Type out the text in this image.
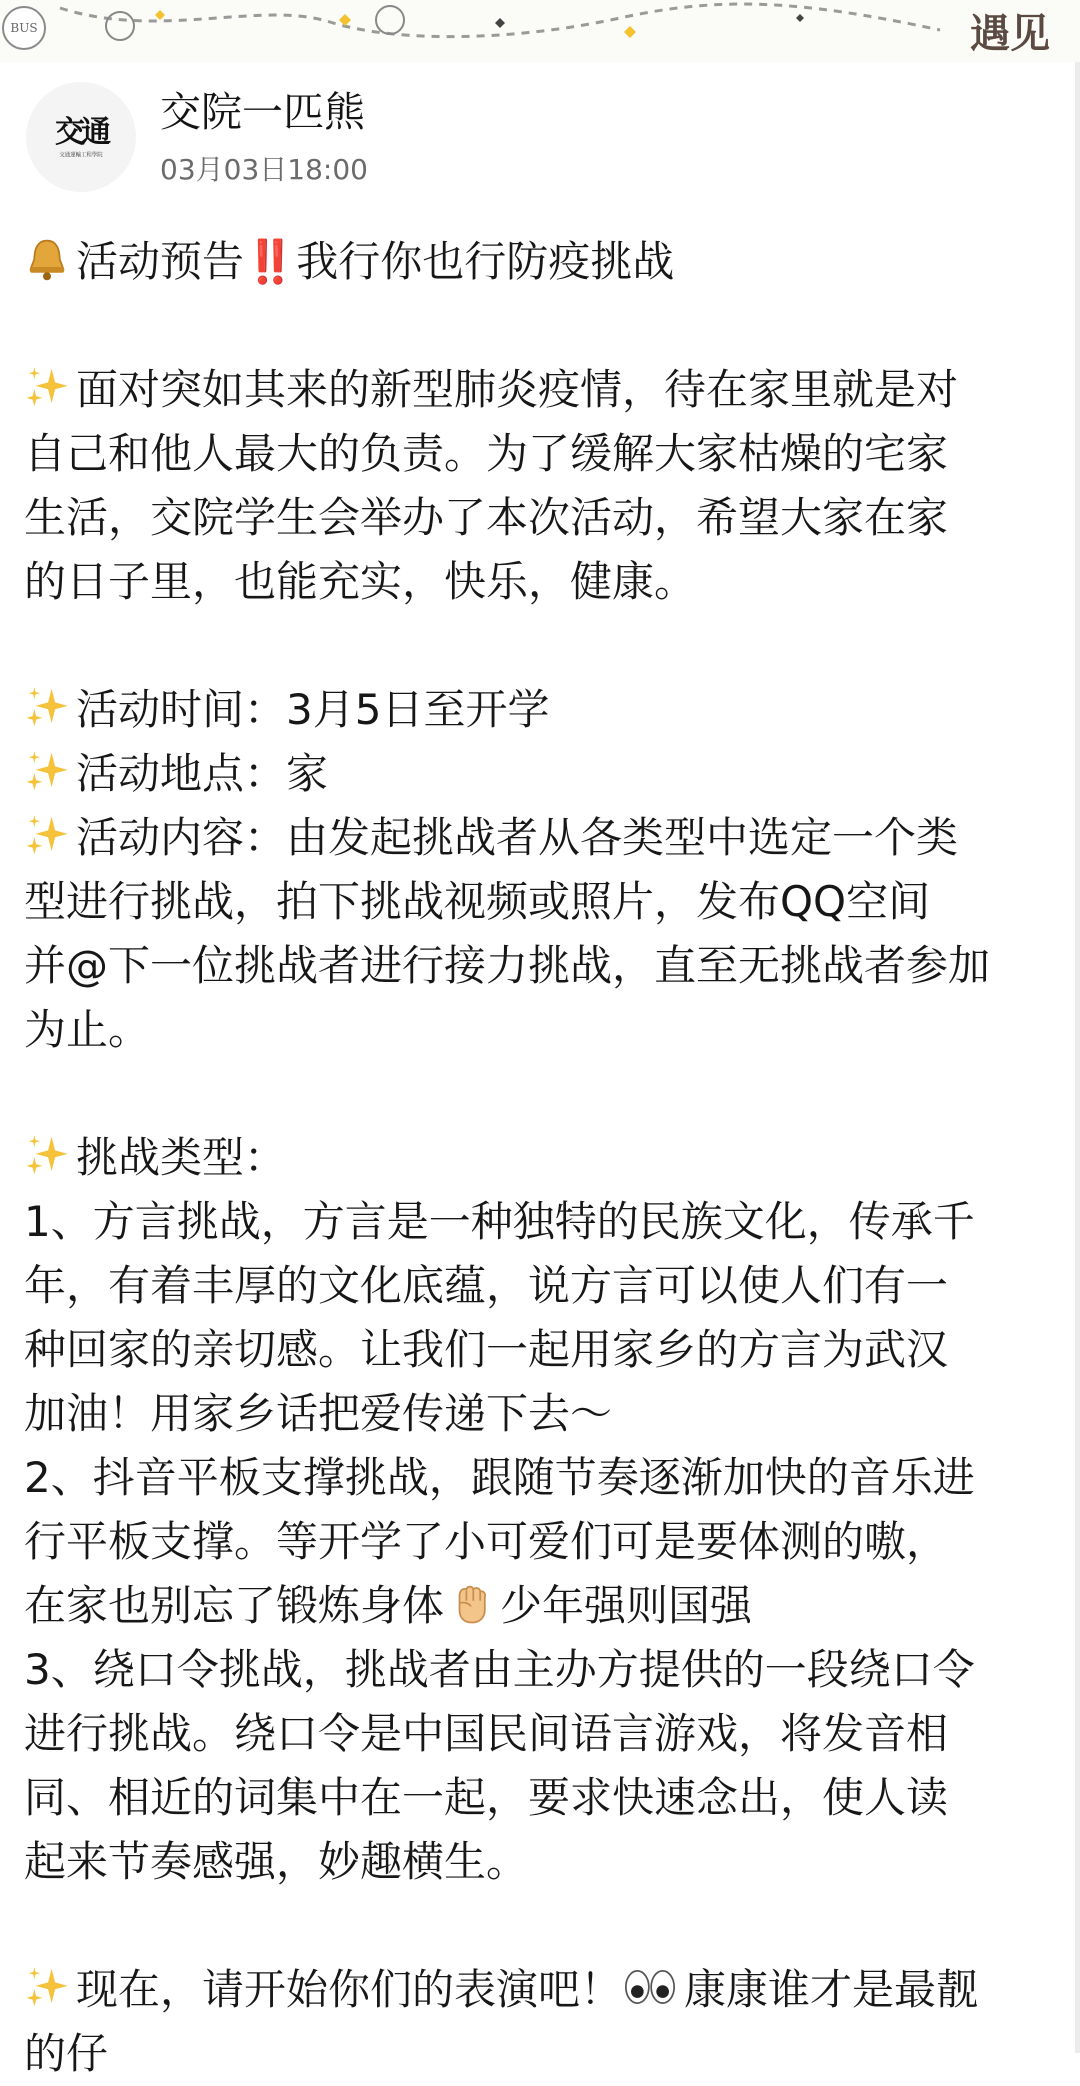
BUS	遇见
交通
交通運輸工程學院
交院一匹熊
03月03日18:00
活动预告‼️我行你也行防疫挑战
面对突如其来的新型肺炎疫情，待在家里就是对
自己和他人最大的负责。为了缓解大家枯燥的宅家
生活，交院学生会举办了本次活动，希望大家在家
的日子里，也能充实，快乐，健康。
活动时间：3月5日至开学
活动地点：家
活动内容：由发起挑战者从各类型中选定一个类
型进行挑战，拍下挑战视频或照片，发布QQ空间
并@下一位挑战者进行接力挑战，直至无挑战者参加
为止。
挑战类型：
1、方言挑战，方言是一种独特的民族文化，传承千
年，有着丰厚的文化底蕴，说方言可以使人们有一
种回家的亲切感。让我们一起用家乡的方言为武汉
加油！用家乡话把爱传递下去～
2、抖音平板支撑挑战，跟随节奏逐渐加快的音乐进
行平板支撑。等开学了小可爱们可是要体测的嗷，
在家也别忘了锻炼身体 少年强则国强
3、绕口令挑战，挑战者由主办方提供的一段绕口令
进行挑战。绕口令是中国民间语言游戏，将发音相
同、相近的词集中在一起，要求快速念出，使人读
起来节奏感强，妙趣横生。
现在，请开始你们的表演吧！ 康康谁才是最靓
的仔
